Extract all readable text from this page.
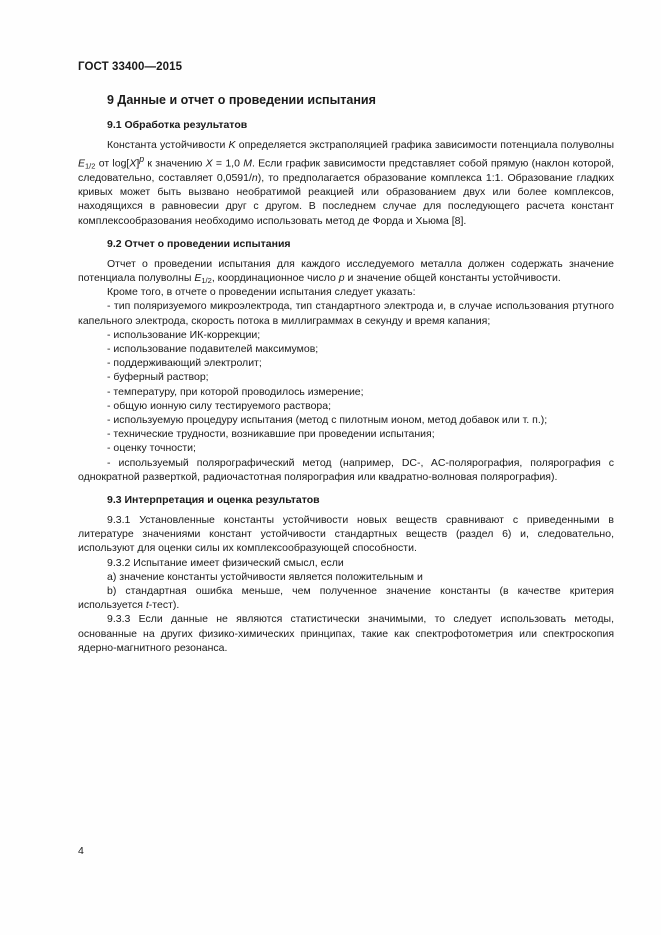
ГОСТ 33400—2015
9 Данные и отчет о проведении испытания
9.1 Обработка результатов

Константа устойчивости K определяется экстраполяцией графика зависимости потенциала полуволны $E_{1/2}$ от $\log[X]^p$ к значению X = 1,0 M. Если график зависимости представляет собой прямую (наклон которой, следовательно, составляет 0,0591/n), то предполагается образование комплекса 1:1. Образование гладких кривых может быть вызвано необратимой реакцией или образованием двух или более комплексов, находящихся в равновесии друг с другом. В последнем случае для последующего расчета констант комплексообразования необходимо использовать метод де Форда и Хьюма [8].

9.2 Отчет о проведении испытания

Отчет о проведении испытания для каждого исследуемого металла должен содержать значение потенциала полуволны $E_{1/2}$, координационное число p и значение общей константы устойчивости.

Кроме того, в отчете о проведении испытания следует указать:

- тип поляризуемого микроэлектрода, тип стандартного электрода и, в случае использования ртутного капельного электрода, скорость потока в миллиграммах в секунду и время капания;
- использование ИК-коррекции;
- использование подавителей максимумов;
- поддерживающий электролит;
- буферный раствор;
- температуру, при которой проводилось измерение;
- общую ионную силу тестируемого раствора;
- используемую процедуру испытания (метод с пилотным ионом, метод добавок или т. п.);
- технические трудности, возникавшие при проведении испытания;
- оценку точности;
- используемый полярографический метод (например, DC-, AC-полярография, полярография с однократной разверткой, радиочастотная полярография или квадратно-волновая полярография).
9.3 Интерпретация и оценка результатов

9.3.1 Установленные константы устойчивости новых веществ сравнивают с приведенными в литературе значениями констант устойчивости стандартных веществ (раздел 6) и, следовательно, используют для оценки силы их комплексообразующей способности.

9.3.2 Испытание имеет физический смысл, если

a) значение константы устойчивости является положительным и

b) стандартная ошибка меньше, чем полученное значение константы (в качестве критерия используется t-тест).

9.3.3 Если данные не являются статистически значимыми, то следует использовать методы, основанные на других физико-химических принципах, такие как спектрофотометрия или спектроскопия ядерно-магнитного резонанса.

4
